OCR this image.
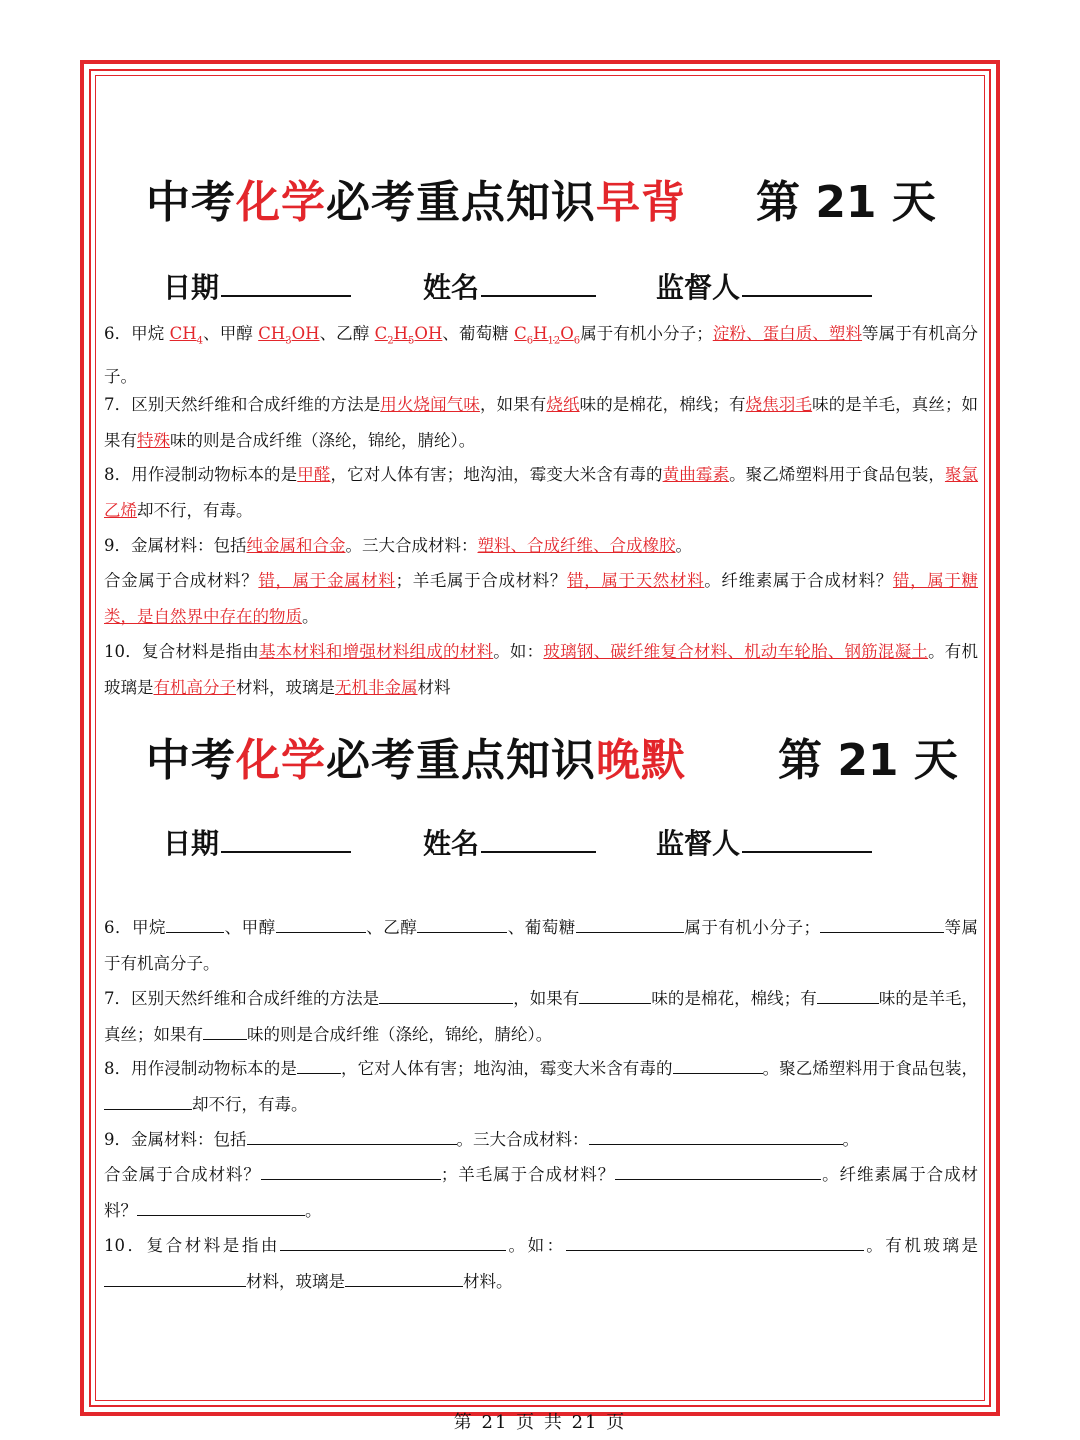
中考化学必考重点知识早背 第 21 天
日期	姓名	监督人
6．甲烷 $CH_4$、甲醇 $CH_3OH$、乙醇 $C_2H_5OH$、葡萄糖 $C_6H_{12}O_6$属于有机小分子；淀粉、蛋白质、塑料等属于有机高分子。
7．区别天然纤维和合成纤维的方法是用火烧闻气味，如果有烧纸味的是棉花，棉线；有烧焦羽毛味的是羊毛，真丝；如果有特殊味的则是合成纤维（涤纶，锦纶，腈纶）。
8．用作浸制动物标本的是甲醛，它对人体有害；地沟油，霉变大米含有毒的黄曲霉素。聚乙烯塑料用于食品包装，聚氯乙烯却不行，有毒。
9．金属材料：包括纯金属和合金。三大合成材料：塑料、合成纤维、合成橡胶。
合金属于合成材料？错，属于金属材料；羊毛属于合成材料？错，属于天然材料。纤维素属于合成材料？错，属于糖类，是自然界中存在的物质。
10．复合材料是指由基本材料和增强材料组成的材料。如：玻璃钢、碳纤维复合材料、机动车轮胎、钢筋混凝土。有机玻璃是有机高分子材料，玻璃是无机非金属材料
中考化学必考重点知识晚默 第 21 天
日期	姓名	监督人
6．甲烷	、甲醇	、乙醇	、葡萄糖	属于有机小分子；	等属于有机高分子。
7．区别天然纤维和合成纤维的方法是	，如果有	味的是棉花，棉线；有	味的是羊毛，真丝；如果有	味的则是合成纤维（涤纶，锦纶，腈纶）。
8．用作浸制动物标本的是	，它对人体有害；地沟油，霉变大米含有毒的	。聚乙烯塑料用于食品包装，却不行，有毒。
9．金属材料：包括	。三大合成材料：	。
合金属于合成材料？	；羊毛属于合成材料？	。纤维素属于合成材料？	。
10．复合材料是指由	。如：	。有机玻璃是材料，玻璃是	材料。
第 21 页 共 21 页
